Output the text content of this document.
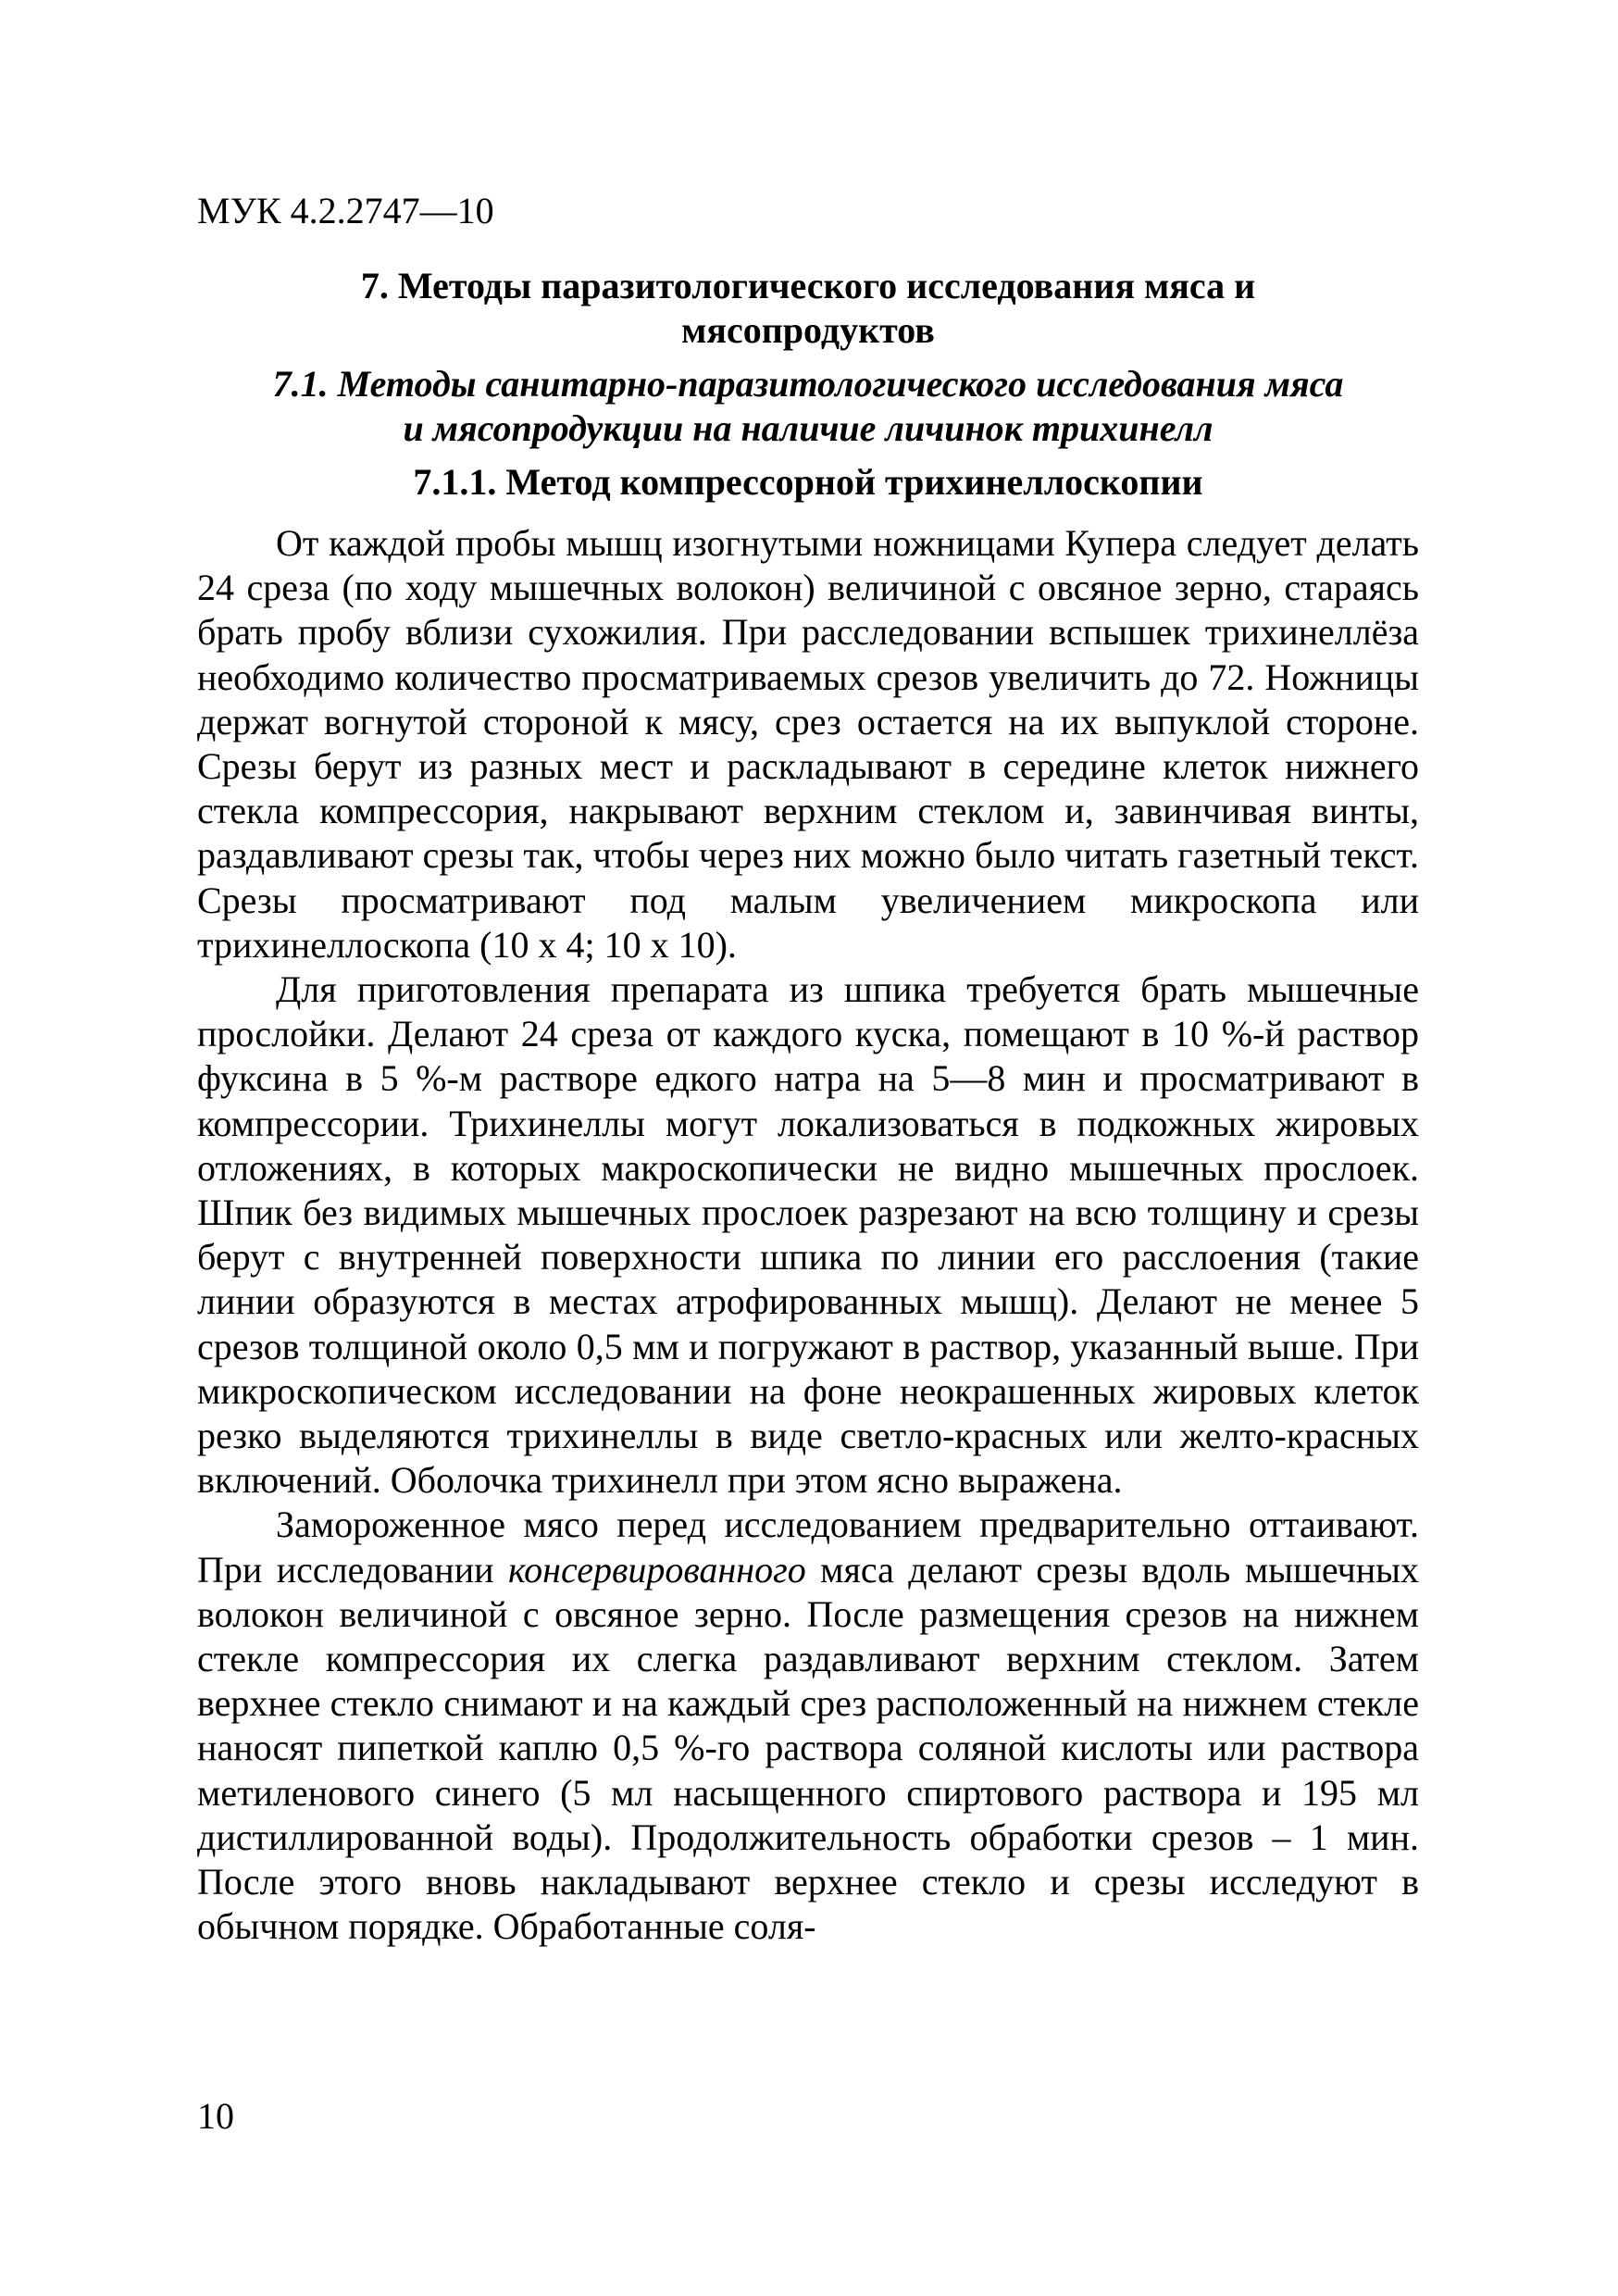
МУК 4.2.2747—10

7. Методы паразитологического исследования мяса и
мясопродуктов
7.1. Методы санитарно-паразитологического исследования мяса
и мясопродукции на наличие личинок трихинелл
7.1.1. Метод компрессорной трихинеллоскопии

От каждой пробы мышц изогнутыми ножницами Купера следует делать 24 среза (по ходу мышечных волокон) величиной с овсяное зерно, стараясь брать пробу вблизи сухожилия. При расследовании вспышек трихинеллёза необходимо количество просматриваемых срезов увеличить до 72. Ножницы держат вогнутой стороной к мясу, срез остается на их выпуклой стороне. Срезы берут из разных мест и раскладывают в середине клеток нижнего стекла компрессория, накрывают верхним стеклом и, завинчивая винты, раздавливают срезы так, чтобы через них можно было читать газетный текст. Срезы просматривают под малым увеличением микроскопа или трихинеллоскопа (10 х 4; 10 х 10).

Для приготовления препарата из шпика требуется брать мышечные прослойки. Делают 24 среза от каждого куска, помещают в 10 %-й раствор фуксина в 5 %-м растворе едкого натра на 5—8 мин и просматривают в компрессории. Трихинеллы могут локализоваться в подкожных жировых отложениях, в которых макроскопически не видно мышечных прослоек. Шпик без видимых мышечных прослоек разрезают на всю толщину и срезы берут с внутренней поверхности шпика по линии его расслоения (такие линии образуются в местах атрофированных мышц). Делают не менее 5 срезов толщиной около 0,5 мм и погружают в раствор, указанный выше. При микроскопическом исследовании на фоне неокрашенных жировых клеток резко выделяются трихинеллы в виде светло-красных или желто-красных включений. Оболочка трихинелл при этом ясно выражена.

Замороженное мясо перед исследованием предварительно оттаивают. При исследовании консервированного мяса делают срезы вдоль мышечных волокон величиной с овсяное зерно. После размещения срезов на нижнем стекле компрессория их слегка раздавливают верхним стеклом. Затем верхнее стекло снимают и на каждый срез расположенный на нижнем стекле наносят пипеткой каплю 0,5 %-го раствора соляной кислоты или раствора метиленового синего (5 мл насыщенного спиртового раствора и 195 мл дистиллированной воды). Продолжительность обработки срезов – 1 мин. После этого вновь накладывают верхнее стекло и срезы исследуют в обычном порядке. Обработанные соля-

10
